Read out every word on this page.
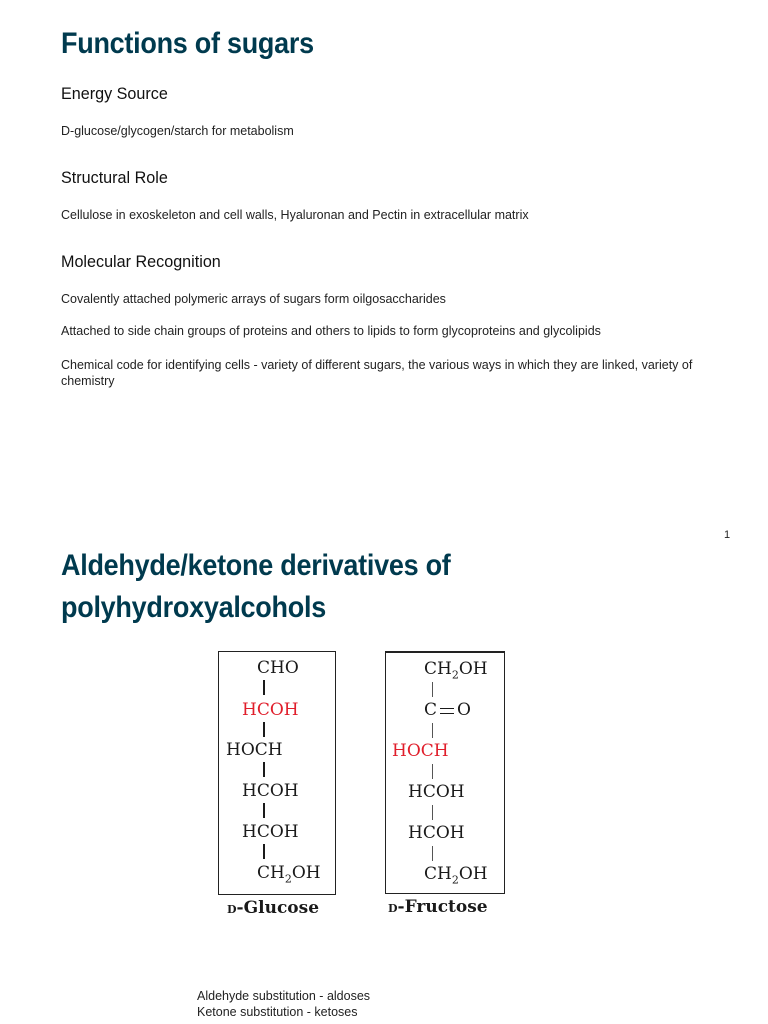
Functions of sugars
Energy Source

D-glucose/glycogen/starch for metabolism

Structural Role

Cellulose in exoskeleton and cell walls, Hyaluronan and Pectin in extracellular matrix

Molecular Recognition

Covalently attached polymeric arrays of sugars form oilgosaccharides

Attached to side chain groups of proteins and others to lipids to form glycoproteins and glycolipids

Chemical code for identifying cells - variety of different sugars, the various ways in which they are linked, variety of chemistry

1
Aldehyde/ketone derivatives of
polyhydroxyalcohols
CHO
HCOH
HOCH
HCOH
HCOH
$CH_2OH$
D-Glucose
$CH_2OH$
C O
HOCH
HCOH
HCOH
$CH_2OH$
D-Fructose
Aldehyde substitution - aldoses
Ketone substitution - ketoses
